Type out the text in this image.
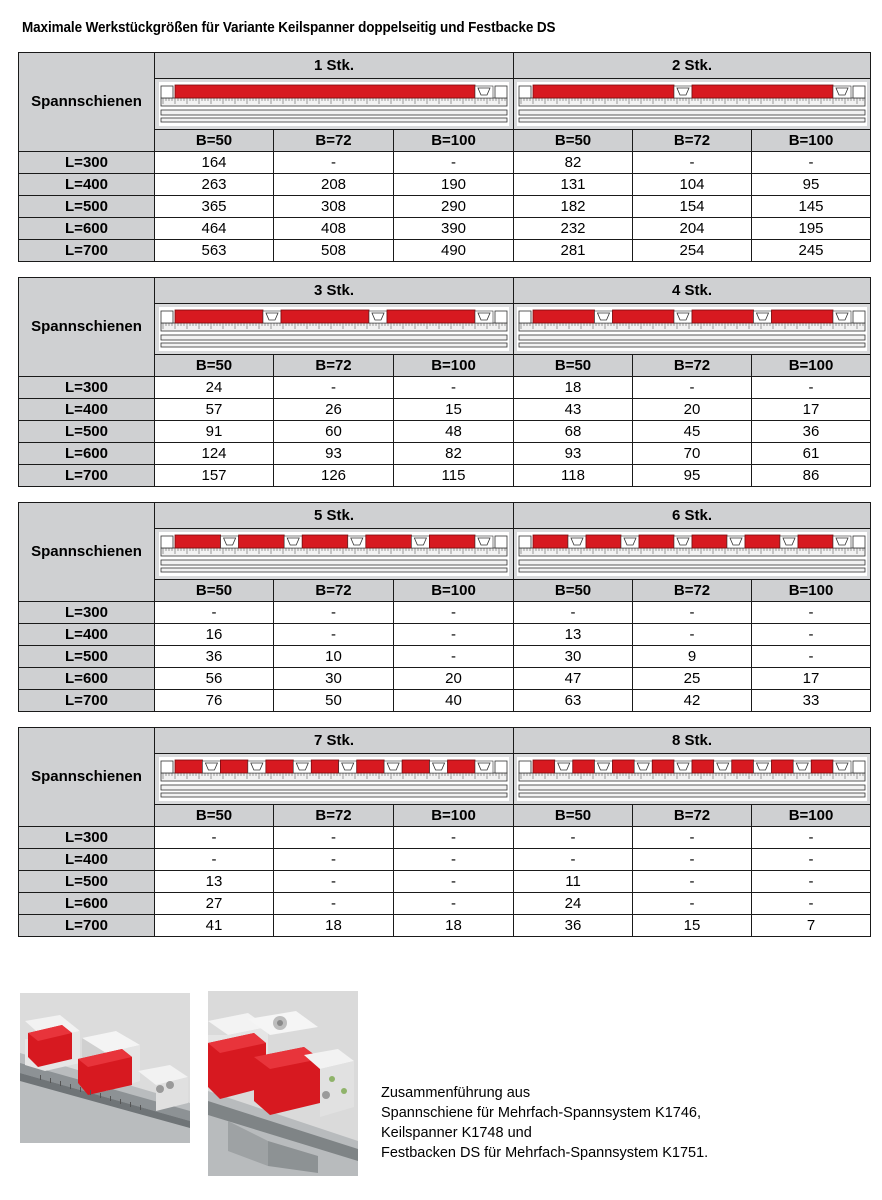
Maximale Werkstückgrößen für Variante Keilspanner doppelseitig und Festbacke DS
Spannschienen	1 Stk.			2 Stk.		

	B=50	B=72	B=100	B=50	B=72	B=100
L=300	164	-	-	82	-	-
L=400	263	208	190	131	104	95
L=500	365	308	290	182	154	145
L=600	464	408	390	232	204	195
L=700	563	508	490	281	254	245
Spannschienen	3 Stk.			4 Stk.		

	B=50	B=72	B=100	B=50	B=72	B=100
L=300	24	-	-	18	-	-
L=400	57	26	15	43	20	17
L=500	91	60	48	68	45	36
L=600	124	93	82	93	70	61
L=700	157	126	115	118	95	86
Spannschienen	5 Stk.			6 Stk.		

	B=50	B=72	B=100	B=50	B=72	B=100
L=300	-	-	-	-	-	-
L=400	16	-	-	13	-	-
L=500	36	10	-	30	9	-
L=600	56	30	20	47	25	17
L=700	76	50	40	63	42	33
Spannschienen	7 Stk.			8 Stk.		

	B=50	B=72	B=100	B=50	B=72	B=100
L=300	-	-	-	-	-	-
L=400	-	-	-	-	-	-
L=500	13	-	-	11	-	-
L=600	27	-	-	24	-	-
L=700	41	18	18	36	15	7
Zusammenführung aus
Spannschiene für Mehrfach-Spannsystem K1746,
Keilspanner K1748 und
Festbacken DS für Mehrfach-Spannsystem K1751.
